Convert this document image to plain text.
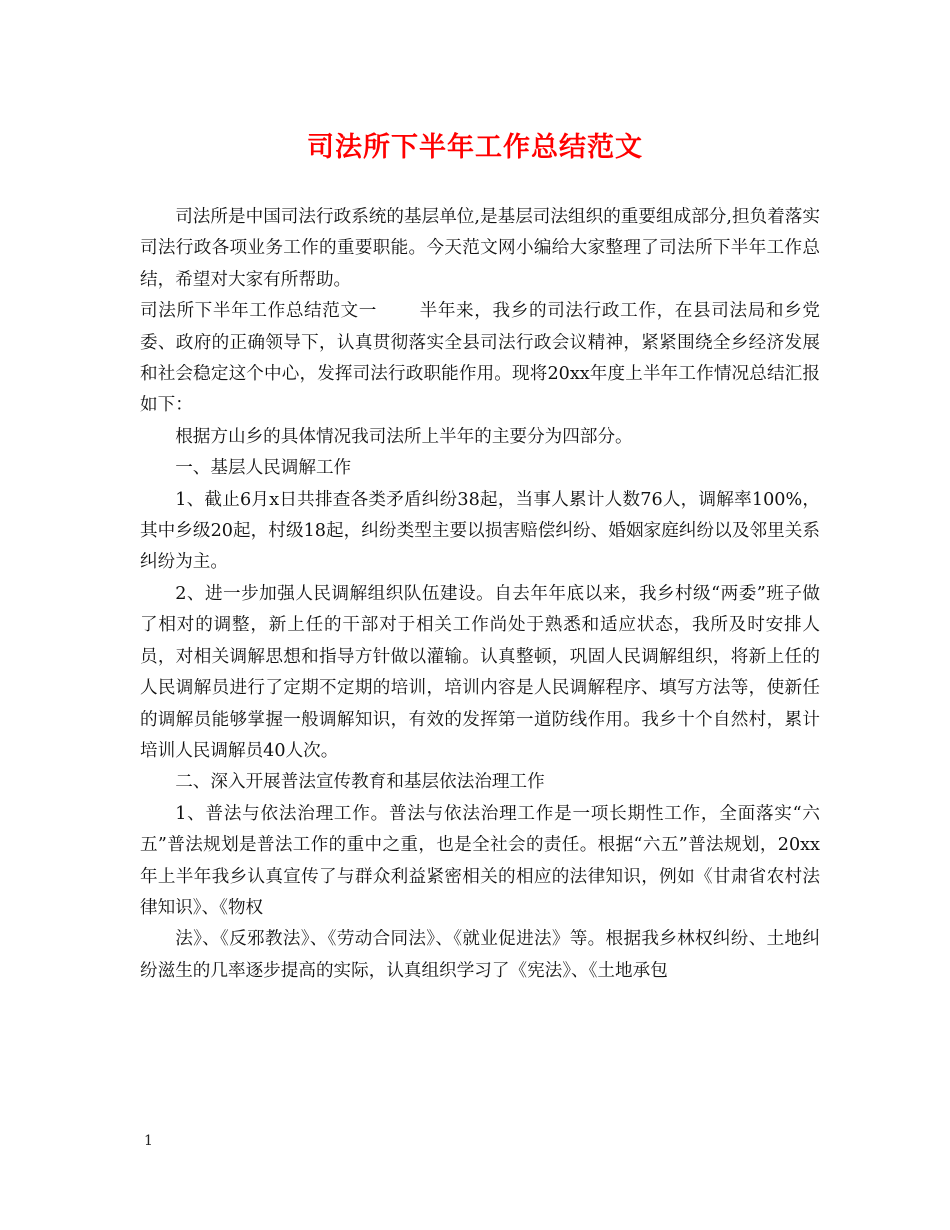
司法所下半年工作总结范文

司法所是中国司法行政系统的基层单位,是基层司法组织的重要组成部分,担负着落实司法行政各项业务工作的重要职能。今天范文网小编给大家整理了司法所下半年工作总结，希望对大家有所帮助。

司法所下半年工作总结范文一 半年来，我乡的司法行政工作，在县司法局和乡党委、政府的正确领导下，认真贯彻落实全县司法行政会议精神，紧紧围绕全乡经济发展和社会稳定这个中心，发挥司法行政职能作用。现将20xx年度上半年工作情况总结汇报如下：

根据方山乡的具体情况我司法所上半年的主要分为四部分。

一、基层人民调解工作

1、截止6月x日共排查各类矛盾纠纷38起，当事人累计人数76人，调解率100%，其中乡级20起，村级18起，纠纷类型主要以损害赔偿纠纷、婚姻家庭纠纷以及邻里关系纠纷为主。

2、进一步加强人民调解组织队伍建设。自去年年底以来，我乡村级“两委”班子做了相对的调整，新上任的干部对于相关工作尚处于熟悉和适应状态，我所及时安排人员，对相关调解思想和指导方针做以灌输。认真整顿，巩固人民调解组织，将新上任的人民调解员进行了定期不定期的培训，培训内容是人民调解程序、填写方法等，使新任的调解员能够掌握一般调解知识，有效的发挥第一道防线作用。我乡十个自然村，累计培训人民调解员40人次。

二、深入开展普法宣传教育和基层依法治理工作

1、普法与依法治理工作。普法与依法治理工作是一项长期性工作，全面落实“六五”普法规划是普法工作的重中之重，也是全社会的责任。根据“六五”普法规划，20xx年上半年我乡认真宣传了与群众利益紧密相关的相应的法律知识，例如《甘肃省农村法律知识》、《物权

法》、《反邪教法》、《劳动合同法》、《就业促进法》等。根据我乡林权纠纷、土地纠纷滋生的几率逐步提高的实际，认真组织学习了《宪法》、《土地承包

1
